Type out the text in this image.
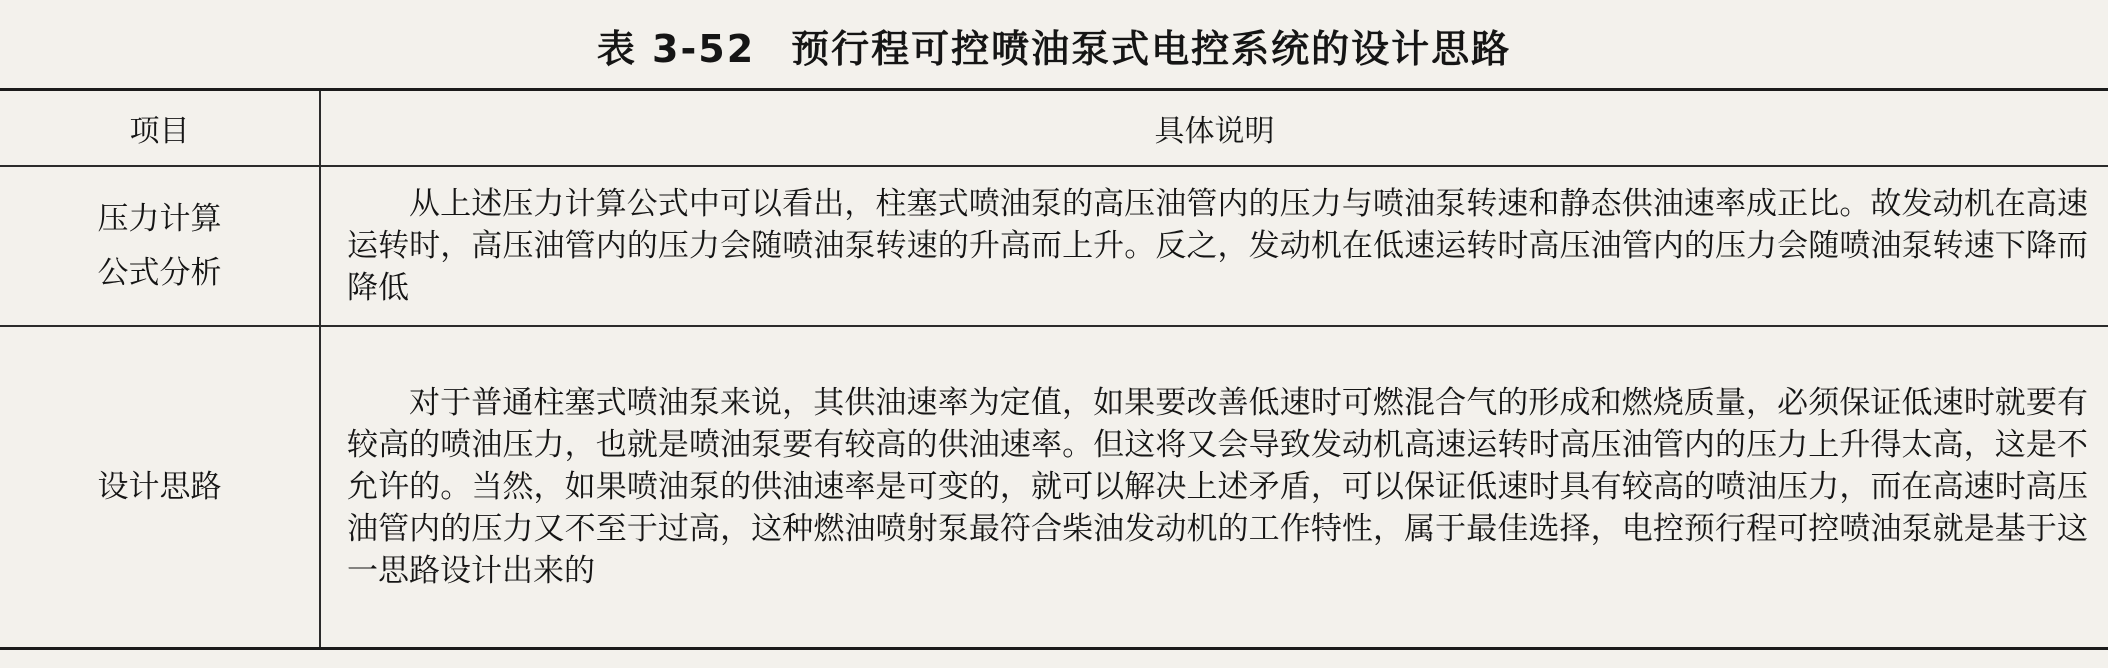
表 3-52 预行程可控喷油泵式电控系统的设计思路
项目	具体说明
压力计算
公式分析	从上述压力计算公式中可以看出，柱塞式喷油泵的高压油管内的压力与喷油泵转速和静态供油速率成正比。故发动机在高速运转时，高压油管内的压力会随喷油泵转速的升高而上升。反之，发动机在低速运转时高压油管内的压力会随喷油泵转速下降而降低
设计思路	对于普通柱塞式喷油泵来说，其供油速率为定值，如果要改善低速时可燃混合气的形成和燃烧质量，必须保证低速时就要有较高的喷油压力，也就是喷油泵要有较高的供油速率。但这将又会导致发动机高速运转时高压油管内的压力上升得太高，这是不允许的。当然，如果喷油泵的供油速率是可变的，就可以解决上述矛盾，可以保证低速时具有较高的喷油压力，而在高速时高压油管内的压力又不至于过高，这种燃油喷射泵最符合柴油发动机的工作特性，属于最佳选择，电控预行程可控喷油泵就是基于这一思路设计出来的
